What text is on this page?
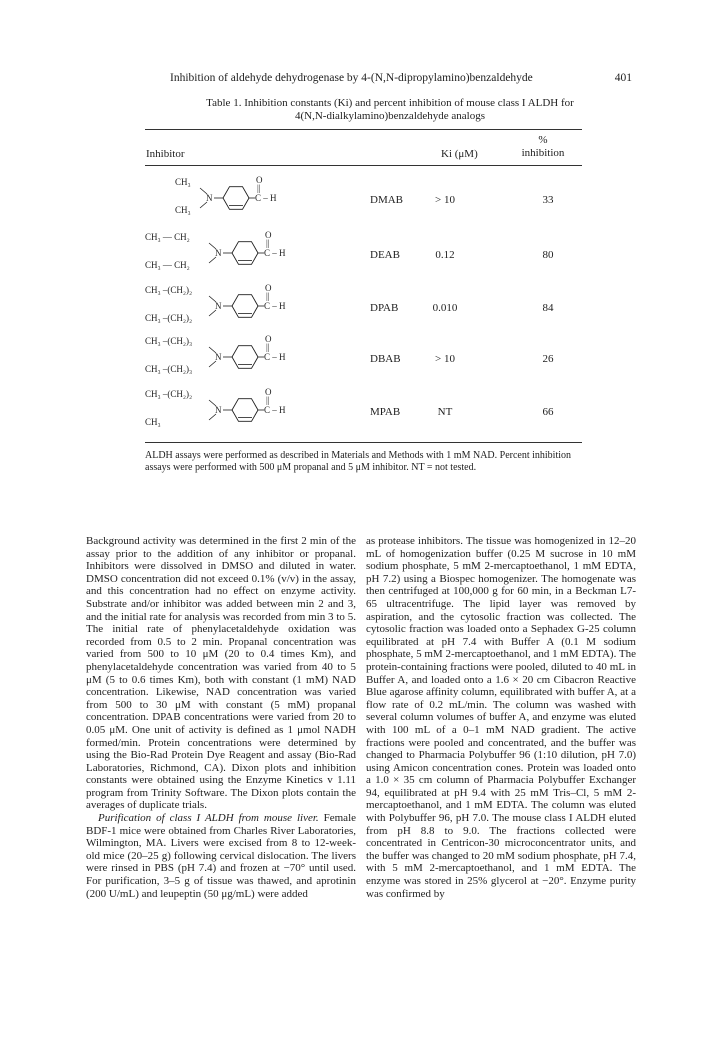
Inhibition of aldehyde dehydrogenase by 4-(N,N-dipropylamino)benzaldehyde	401
Table 1. Inhibition constants (Ki) and percent inhibition of mouse class I ALDH for
4(N,N-dialkylamino)benzaldehyde analogs
Inhibitor	Ki (μM)
%
inhibition
CH₃
CH₃
N
O
||
C – H	DMAB	> 10	33
CH₃ — CH₂
CH₃ — CH₂
N
O
||
C – H	DEAB	0.12	80
CH₃ –(CH₂)₂
CH₃ –(CH₂)₂
N
O
||
C – H	DPAB	0.010	84
CH₃ –(CH₂)₃
CH₃ –(CH₂)₃
N
O
||
C – H	DBAB	> 10	26
CH₃ –(CH₂)₂
CH₃
N
O
||
C – H	MPAB	NT	66
ALDH assays were performed as described in Materials and Methods with 1 mM NAD. Percent inhibition assays were performed with 500 μM propanal and 5 μM inhibitor. NT = not tested.

Background activity was determined in the first 2 min of the assay prior to the addition of any inhibitor or propanal. Inhibitors were dissolved in DMSO and diluted in water. DMSO concentration did not exceed 0.1% (v/v) in the assay, and this concentration had no effect on enzyme activity. Substrate and/or inhibitor was added between min 2 and 3, and the initial rate for analysis was recorded from min 3 to 5. The initial rate of phenylacetaldehyde oxidation was recorded from 0.5 to 2 min. Propanal concentration was varied from 500 to 10 μM (20 to 0.4 times Km), and phenylacetaldehyde concentration was varied from 40 to 5 μM (5 to 0.6 times Km), both with constant (1 mM) NAD concentration. Likewise, NAD concentration was varied from 500 to 30 μM with constant (5 mM) propanal concentration. DPAB concentrations were varied from 20 to 0.05 μM. One unit of activity is defined as 1 μmol NADH formed/min. Protein concentrations were determined by using the Bio-Rad Protein Dye Reagent and assay (Bio-Rad Laboratories, Richmond, CA). Dixon plots and inhibition constants were obtained using the Enzyme Kinetics v 1.11 program from Trinity Software. The Dixon plots contain the averages of duplicate trials.

Purification of class I ALDH from mouse liver. Female BDF-1 mice were obtained from Charles River Laboratories, Wilmington, MA. Livers were excised from 8 to 12-week-old mice (20–25 g) following cervical dislocation. The livers were rinsed in PBS (pH 7.4) and frozen at −70° until used. For purification, 3–5 g of tissue was thawed, and aprotinin (200 U/mL) and leupeptin (50 μg/mL) were added

as protease inhibitors. The tissue was homogenized in 12–20 mL of homogenization buffer (0.25 M sucrose in 10 mM sodium phosphate, 5 mM 2-mercaptoethanol, 1 mM EDTA, pH 7.2) using a Biospec homogenizer. The homogenate was then centrifuged at 100,000 g for 60 min, in a Beckman L7-65 ultracentrifuge. The lipid layer was removed by aspiration, and the cytosolic fraction was collected. The cytosolic fraction was loaded onto a Sephadex G-25 column equilibrated at pH 7.4 with Buffer A (0.1 M sodium phosphate, 5 mM 2-mercaptoethanol, and 1 mM EDTA). The protein-containing fractions were pooled, diluted to 40 mL in Buffer A, and loaded onto a 1.6 × 20 cm Cibacron Reactive Blue agarose affinity column, equilibrated with buffer A, at a flow rate of 0.2 mL/min. The column was washed with several column volumes of buffer A, and enzyme was eluted with 100 mL of a 0–1 mM NAD gradient. The active fractions were pooled and concentrated, and the buffer was changed to Pharmacia Polybuffer 96 (1:10 dilution, pH 7.0) using Amicon concentration cones. Protein was loaded onto a 1.0 × 35 cm column of Pharmacia Polybuffer Exchanger 94, equilibrated at pH 9.4 with 25 mM Tris–Cl, 5 mM 2-mercaptoethanol, and 1 mM EDTA. The column was eluted with Polybuffer 96, pH 7.0. The mouse class I ALDH eluted from pH 8.8 to 9.0. The fractions collected were concentrated in Centricon-30 microconcentrator units, and the buffer was changed to 20 mM sodium phosphate, pH 7.4, with 5 mM 2-mercaptoethanol, and 1 mM EDTA. The enzyme was stored in 25% glycerol at −20°. Enzyme purity was confirmed by
